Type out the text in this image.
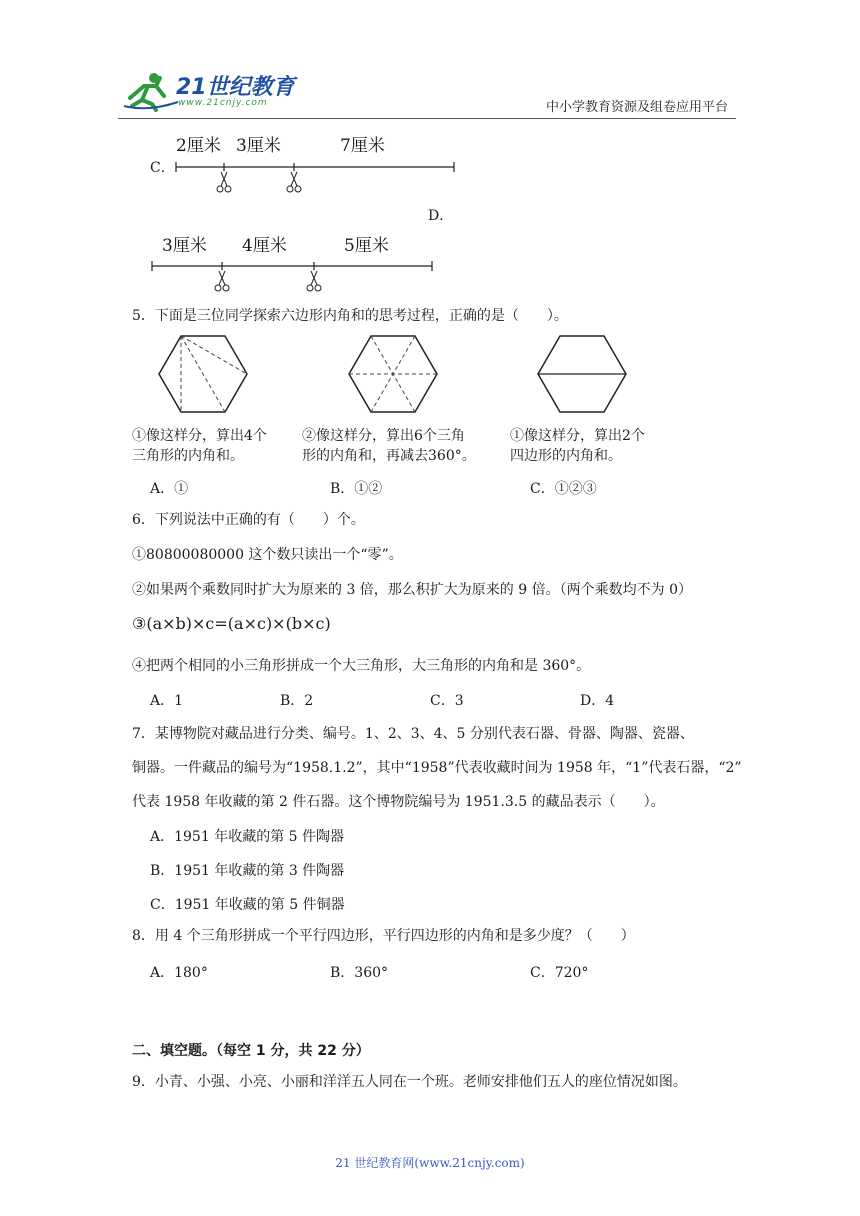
21世纪教育
www.21cnjy.com	中小学教育资源及组卷应用平台
C．
2厘米 3厘米	7厘米
D．
3厘米 4厘米	5厘米
5．下面是三位同学探索六边形内角和的思考过程，正确的是（　　）。
①像这样分，算出4个
三角形的内角和。
②像这样分，算出6个三角
形的内角和，再减去360°。
①像这样分，算出2个
四边形的内角和。
A．①	B．①②	C．①②③
6．下列说法中正确的有（　　）个。
①80800080000 这个数只读出一个“零”。
②如果两个乘数同时扩大为原来的 3 倍，那么积扩大为原来的 9 倍。（两个乘数均不为 0）
③(a×b)×c=(a×c)×(b×c)
④把两个相同的小三角形拼成一个大三角形，大三角形的内角和是 360°。
A．1	B．2	C．3	D．4
7．某博物院对藏品进行分类、编号。1、2、3、4、5 分别代表石器、骨器、陶器、瓷器、
铜器。一件藏品的编号为“1958.1.2”，其中“1958”代表收藏时间为 1958 年，“1”代表石器，“2”
代表 1958 年收藏的第 2 件石器。这个博物院编号为 1951.3.5 的藏品表示（　　）。
A．1951 年收藏的第 5 件陶器
B．1951 年收藏的第 3 件陶器
C．1951 年收藏的第 5 件铜器
8．用 4 个三角形拼成一个平行四边形，平行四边形的内角和是多少度？（　　）
A．180°	B．360°	C．720°
二、填空题。（每空 1 分，共 22 分）
9．小青、小强、小亮、小丽和洋洋五人同在一个班。老师安排他们五人的座位情况如图。
21 世纪教育网(www.21cnjy.com)
